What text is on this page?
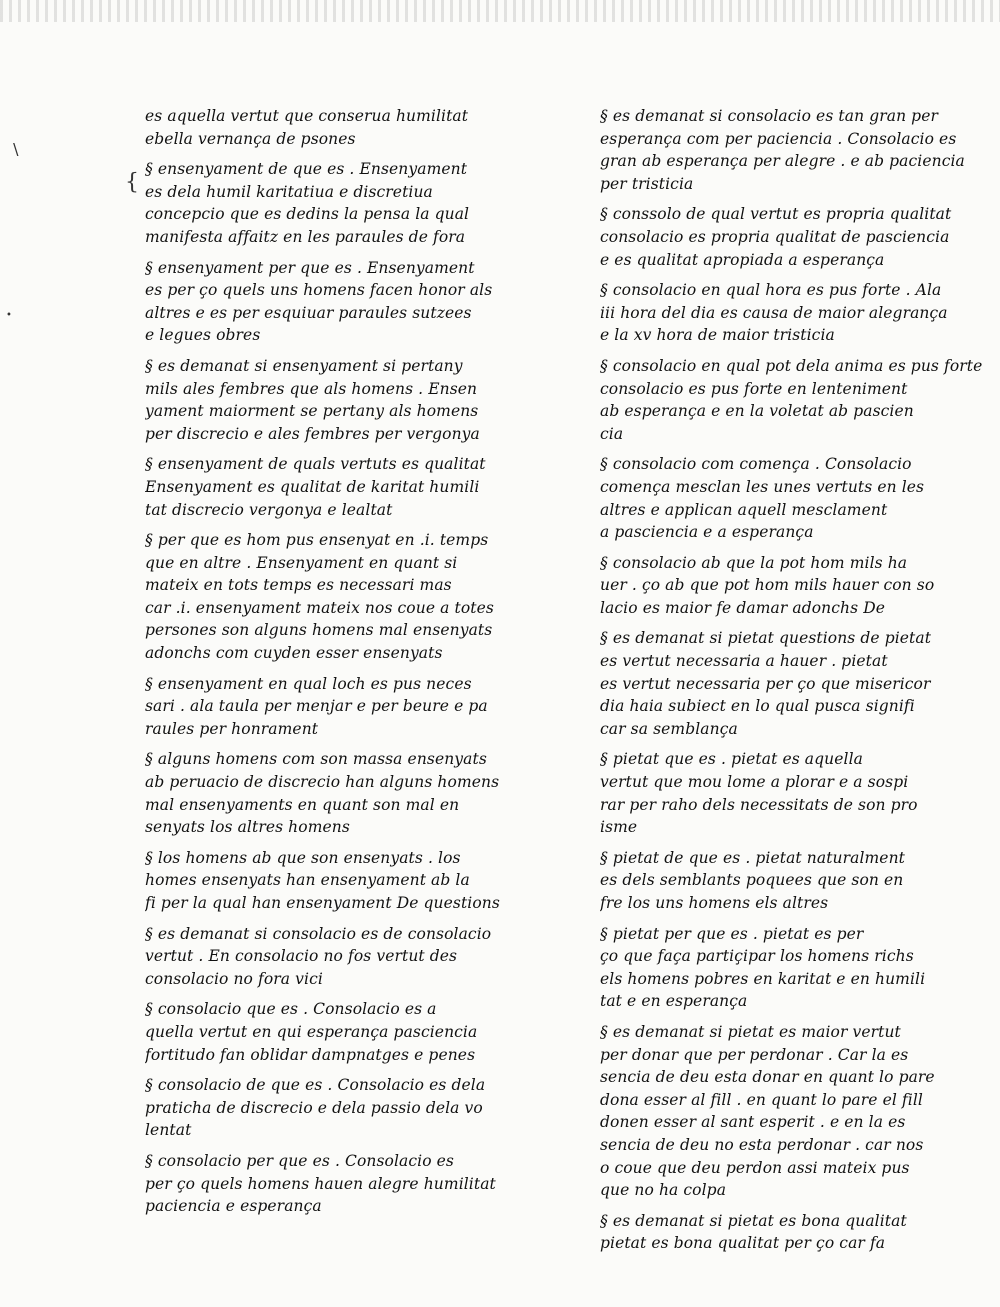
∖
{
•
es aquella vertut que conserua humilitat
ebella vernança de psones
§ ensenyament de que es . Ensenyament
es dela humil karitatiua e discretiua
concepcio que es dedins la pensa la qual
manifesta affaitz en les paraules de fora
§ ensenyament per que es . Ensenyament
es per ço quels uns homens facen honor als
altres e es per esquiuar paraules sutzees
e legues obres
§ es demanat si ensenyament si pertany
mils ales fembres que als homens . Ensen
yament maiorment se pertany als homens
per discrecio e ales fembres per vergonya
§ ensenyament de quals vertuts es qualitat
Ensenyament es qualitat de karitat humili
tat discrecio vergonya e lealtat
§ per que es hom pus ensenyat en .i. temps
que en altre . Ensenyament en quant si
mateix en tots temps es necessari mas
car .i. ensenyament mateix nos coue a totes
persones son alguns homens mal ensenyats
adonchs com cuyden esser ensenyats
§ ensenyament en qual loch es pus neces
sari . ala taula per menjar e per beure e pa
raules per honrament
§ alguns homens com son massa ensenyats
ab peruacio de discrecio han alguns homens
mal ensenyaments en quant son mal en
senyats los altres homens
§ los homens ab que son ensenyats . los
homes ensenyats han ensenyament ab la
fi per la qual han ensenyament De questions
§ es demanat si consolacio es de consolacio
vertut . En consolacio no fos vertut des
consolacio no fora vici
§ consolacio que es . Consolacio es a
quella vertut en qui esperança pasciencia
fortitudo fan oblidar dampnatges e penes
§ consolacio de que es . Consolacio es dela
praticha de discrecio e dela passio dela vo
lentat
§ consolacio per que es . Consolacio es
per ço quels homens hauen alegre humilitat
paciencia e esperança
§ es demanat si consolacio es tan gran per
esperança com per paciencia . Consolacio es
gran ab esperança per alegre . e ab paciencia
per tristicia
§ conssolo de qual vertut es propria qualitat
consolacio es propria qualitat de pasciencia
e es qualitat apropiada a esperança
§ consolacio en qual hora es pus forte . Ala
iii hora del dia es causa de maior alegrança
e la xv hora de maior tristicia
§ consolacio en qual pot dela anima es pus forte
consolacio es pus forte en lenteniment
ab esperança e en la voletat ab pascien
cia
§ consolacio com comença . Consolacio
comença mesclan les unes vertuts en les
altres e applican aquell mesclament
a pasciencia e a esperança
§ consolacio ab que la pot hom mils ha
uer . ço ab que pot hom mils hauer con so
lacio es maior fe damar adonchs De
§ es demanat si pietat questions de pietat
es vertut necessaria a hauer . pietat
es vertut necessaria per ço que misericor
dia haia subiect en lo qual pusca signifi
car sa semblança
§ pietat que es . pietat es aquella
vertut que mou lome a plorar e a sospi
rar per raho dels necessitats de son pro
isme
§ pietat de que es . pietat naturalment
es dels semblants poquees que son en
fre los uns homens els altres
§ pietat per que es . pietat es per
ço que faça partiçipar los homens richs
els homens pobres en karitat e en humili
tat e en esperança
§ es demanat si pietat es maior vertut
per donar que per perdonar . Car la es
sencia de deu esta donar en quant lo pare
dona esser al fill . en quant lo pare el fill
donen esser al sant esperit . e en la es
sencia de deu no esta perdonar . car nos
o coue que deu perdon assi mateix pus
que no ha colpa
§ es demanat si pietat es bona qualitat
pietat es bona qualitat per ço car fa
